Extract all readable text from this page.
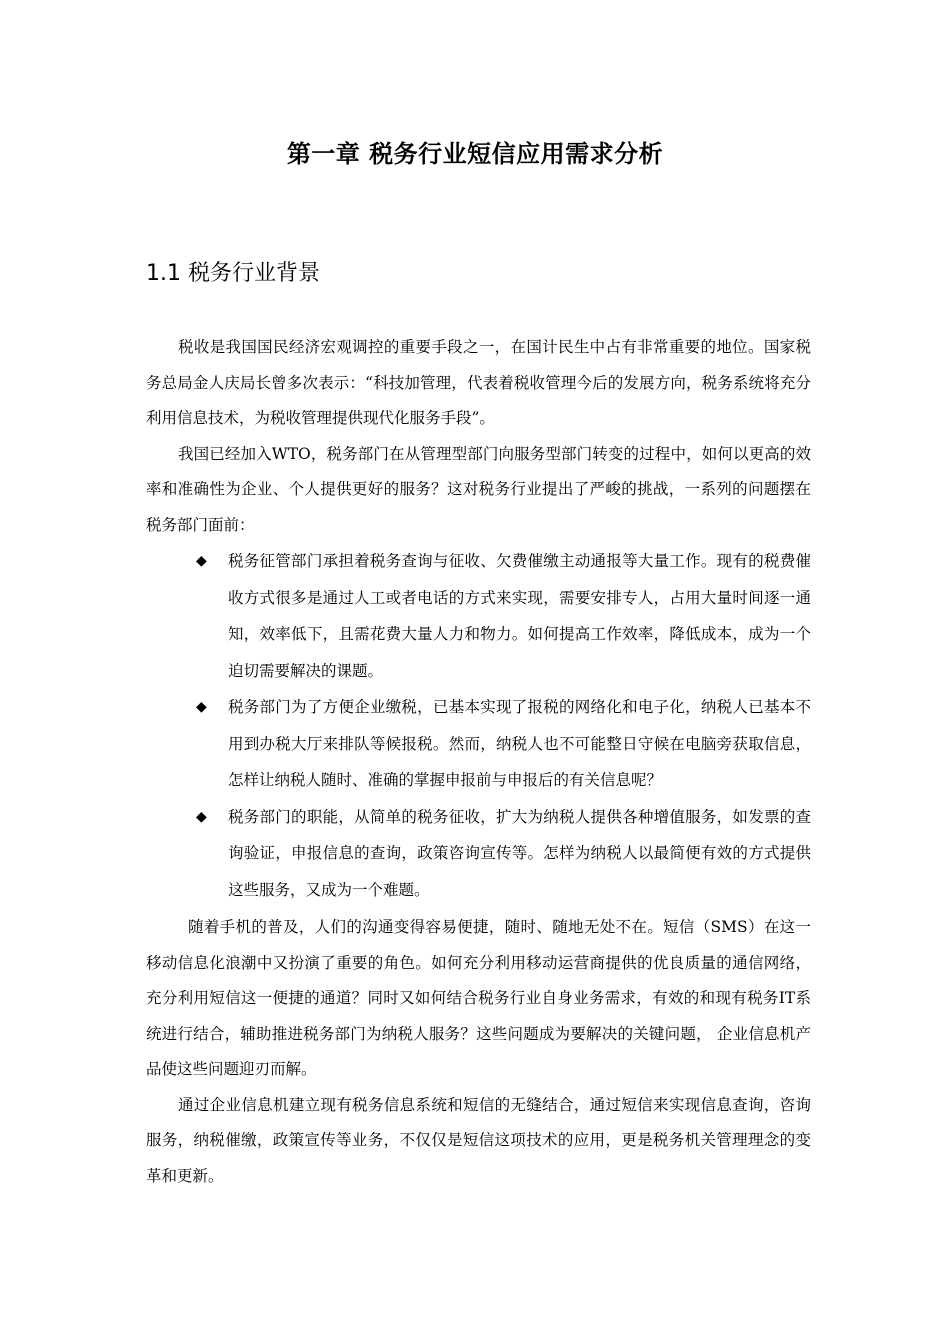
第一章 税务行业短信应用需求分析
1.1 税务行业背景

税收是我国国民经济宏观调控的重要手段之一，在国计民生中占有非常重要的地位。国家税务总局金人庆局长曾多次表示：“科技加管理，代表着税收管理今后的发展方向，税务系统将充分利用信息技术，为税收管理提供现代化服务手段”。

我国已经加入WTO，税务部门在从管理型部门向服务型部门转变的过程中，如何以更高的效率和准确性为企业、个人提供更好的服务？这对税务行业提出了严峻的挑战，一系列的问题摆在税务部门面前：

◆ 税务征管部门承担着税务查询与征收、欠费催缴主动通报等大量工作。现有的税费催收方式很多是通过人工或者电话的方式来实现，需要安排专人，占用大量时间逐一通知，效率低下，且需花费大量人力和物力。如何提高工作效率，降低成本，成为一个迫切需要解决的课题。
◆ 税务部门为了方便企业缴税，已基本实现了报税的网络化和电子化，纳税人已基本不用到办税大厅来排队等候报税。然而，纳税人也不可能整日守候在电脑旁获取信息，怎样让纳税人随时、准确的掌握申报前与申报后的有关信息呢？
◆ 税务部门的职能，从简单的税务征收，扩大为纳税人提供各种增值服务，如发票的查询验证，申报信息的查询，政策咨询宣传等。怎样为纳税人以最简便有效的方式提供这些服务，又成为一个难题。

随着手机的普及，人们的沟通变得容易便捷，随时、随地无处不在。短信（SMS）在这一移动信息化浪潮中又扮演了重要的角色。如何充分利用移动运营商提供的优良质量的通信网络，充分利用短信这一便捷的通道？同时又如何结合税务行业自身业务需求，有效的和现有税务IT系统进行结合，辅助推进税务部门为纳税人服务？这些问题成为要解决的关键问题， 企业信息机产品使这些问题迎刃而解。

通过企业信息机建立现有税务信息系统和短信的无缝结合，通过短信来实现信息查询，咨询服务，纳税催缴，政策宣传等业务，不仅仅是短信这项技术的应用，更是税务机关管理理念的变革和更新。
